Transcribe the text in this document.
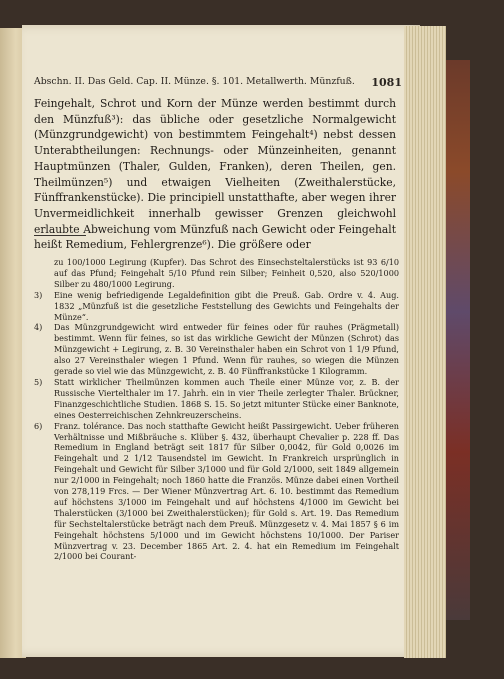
Abschn. II. Das Geld. Cap. II. Münze. §. 101. Metallwerth. Münzfuß. 1081
Feingehalt, Schrot und Korn der Münze werden bestimmt durch den Münzfuß³): das übliche oder gesetzliche Normalgewicht (Münzgrundgewicht) von bestimmtem Feingehalt⁴) nebst dessen Unterabtheilungen: Rechnungs- oder Münzeinheiten, genannt Hauptmünzen (Thaler, Gulden, Franken), deren Theilen, gen. Theilmünzen⁵) und etwaigen Vielheiten (Zweithalerstücke, Fünffrankenstücke). Die principiell unstatthafte, aber wegen ihrer Unvermeidlichkeit innerhalb gewisser Grenzen gleichwohl erlaubte Abweichung vom Münzfuß nach Gewicht oder Feingehalt heißt Remedium, Fehlergrenze⁶). Die größere oder

zu 100/1000 Legirung (Kupfer). Das Schrot des Einsechsteltalerstücks ist 93 6/10 auf das Pfund; Feingehalt 5/10 Pfund rein Silber; Feinheit 0,520, also 520/1000 Silber zu 480/1000 Legirung.

3)	Eine wenig befriedigende Legaldefinition gibt die Preuß. Gab. Ordre v. 4. Aug. 1832 „Münzfuß ist die gesetzliche Feststellung des Gewichts und Feingehalts der Münze“.

4)	Das Münzgrundgewicht wird entweder für feines oder für rauhes (Prägmetall) bestimmt. Wenn für feines, so ist das wirkliche Gewicht der Münzen (Schrot) das Münzgewicht + Legirung, z. B. 30 Vereinsthaler haben ein Schrot von 1 1/9 Pfund, also 27 Vereinsthaler wiegen 1 Pfund. Wenn für rauhes, so wiegen die Münzen gerade so viel wie das Münzgewicht, z. B. 40 Fünffrankstücke 1 Kilogramm.

5)	Statt wirklicher Theilmünzen kommen auch Theile einer Münze vor, z. B. der Russische Viertelthaler im 17. Jahrh. ein in vier Theile zerlegter Thaler. Brückner, Finanzgeschichtliche Studien. 1868 S. 15. So jetzt mitunter Stücke einer Banknote, eines Oesterreichischen Zehnkreuzerscheins.

6)	Franz. tolérance. Das noch statthafte Gewicht heißt Passirgewicht. Ueber früheren Verhältnisse und Mißbräuche s. Klüber §. 432, überhaupt Chevalier p. 228 ff. Das Remedium in England beträgt seit 1817 für Silber 0,0042, für Gold 0,0026 im Feingehalt und 2 1/12 Tausendstel im Gewicht. In Frankreich ursprünglich in Feingehalt und Gewicht für Silber 3/1000 und für Gold 2/1000, seit 1849 allgemein nur 2/1000 in Feingehalt; noch 1860 hatte die Französ. Münze dabei einen Vortheil von 278,119 Frcs. — Der Wiener Münzvertrag Art. 6. 10. bestimmt das Remedium auf höchstens 3/1000 im Feingehalt und auf höchstens 4/1000 im Gewicht bei Thalerstücken (3/1000 bei Zweithalerstücken); für Gold s. Art. 19. Das Remedium für Sechsteltalerstücke beträgt nach dem Preuß. Münzgesetz v. 4. Mai 1857 § 6 im Feingehalt höchstens 5/1000 und im Gewicht höchstens 10/1000. Der Pariser Münzvertrag v. 23. December 1865 Art. 2. 4. hat ein Remedium im Feingehalt 2/1000 bei Courant-
